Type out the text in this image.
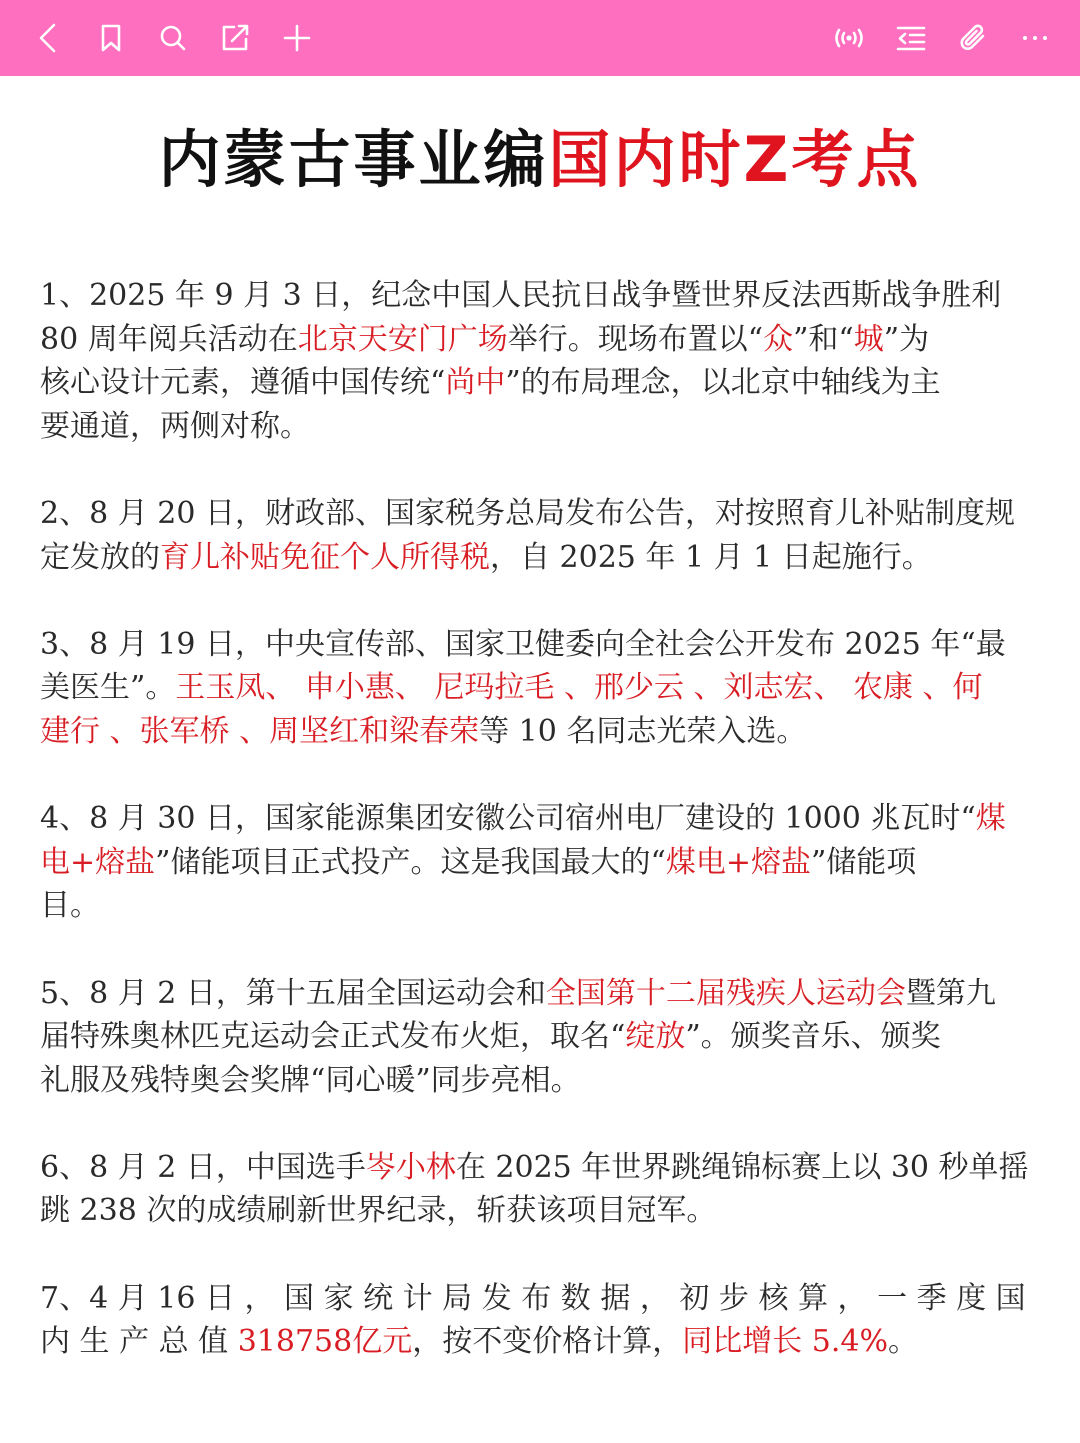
内蒙古事业编国内时Z考点

1、2025 年 9 月 3 日，纪念中国人民抗日战争暨世界反法西斯战争胜利

80 周年阅兵活动在北京天安门广场举行。现场布置以“众”和“城”为

核心设计元素，遵循中国传统“尚中”的布局理念，以北京中轴线为主

要通道，两侧对称。

2、8 月 20 日，财政部、国家税务总局发布公告，对按照育儿补贴制度规

定发放的育儿补贴免征个人所得税，自 2025 年 1 月 1 日起施行。

3、8 月 19 日，中央宣传部、国家卫健委向全社会公开发布 2025 年“最

美医生”。王玉凤、 申小惠、 尼玛拉毛 、邢少云 、刘志宏、 农康 、何

建行 、张军桥 、周坚红和梁春荣等 10 名同志光荣入选。

4、8 月 30 日，国家能源集团安徽公司宿州电厂建设的 1000 兆瓦时“煤

电+熔盐”储能项目正式投产。这是我国最大的“煤电+熔盐”储能项

目。

5、8 月 2 日，第十五届全国运动会和全国第十二届残疾人运动会暨第九

届特殊奥林匹克运动会正式发布火炬，取名“绽放”。颁奖音乐、颁奖

礼服及残特奥会奖牌“同心暖”同步亮相。

6、8 月 2 日，中国选手岑小林在 2025 年世界跳绳锦标赛上以 30 秒单摇

跳 238 次的成绩刷新世界纪录，斩获该项目冠军。

7、4 月 16 日 ， 国 家 统 计 局 发 布 数 据 ， 初 步 核 算 ， 一 季 度 国

内 生 产 总 值 318758亿元，按不变价格计算，同比增长 5.4%。
